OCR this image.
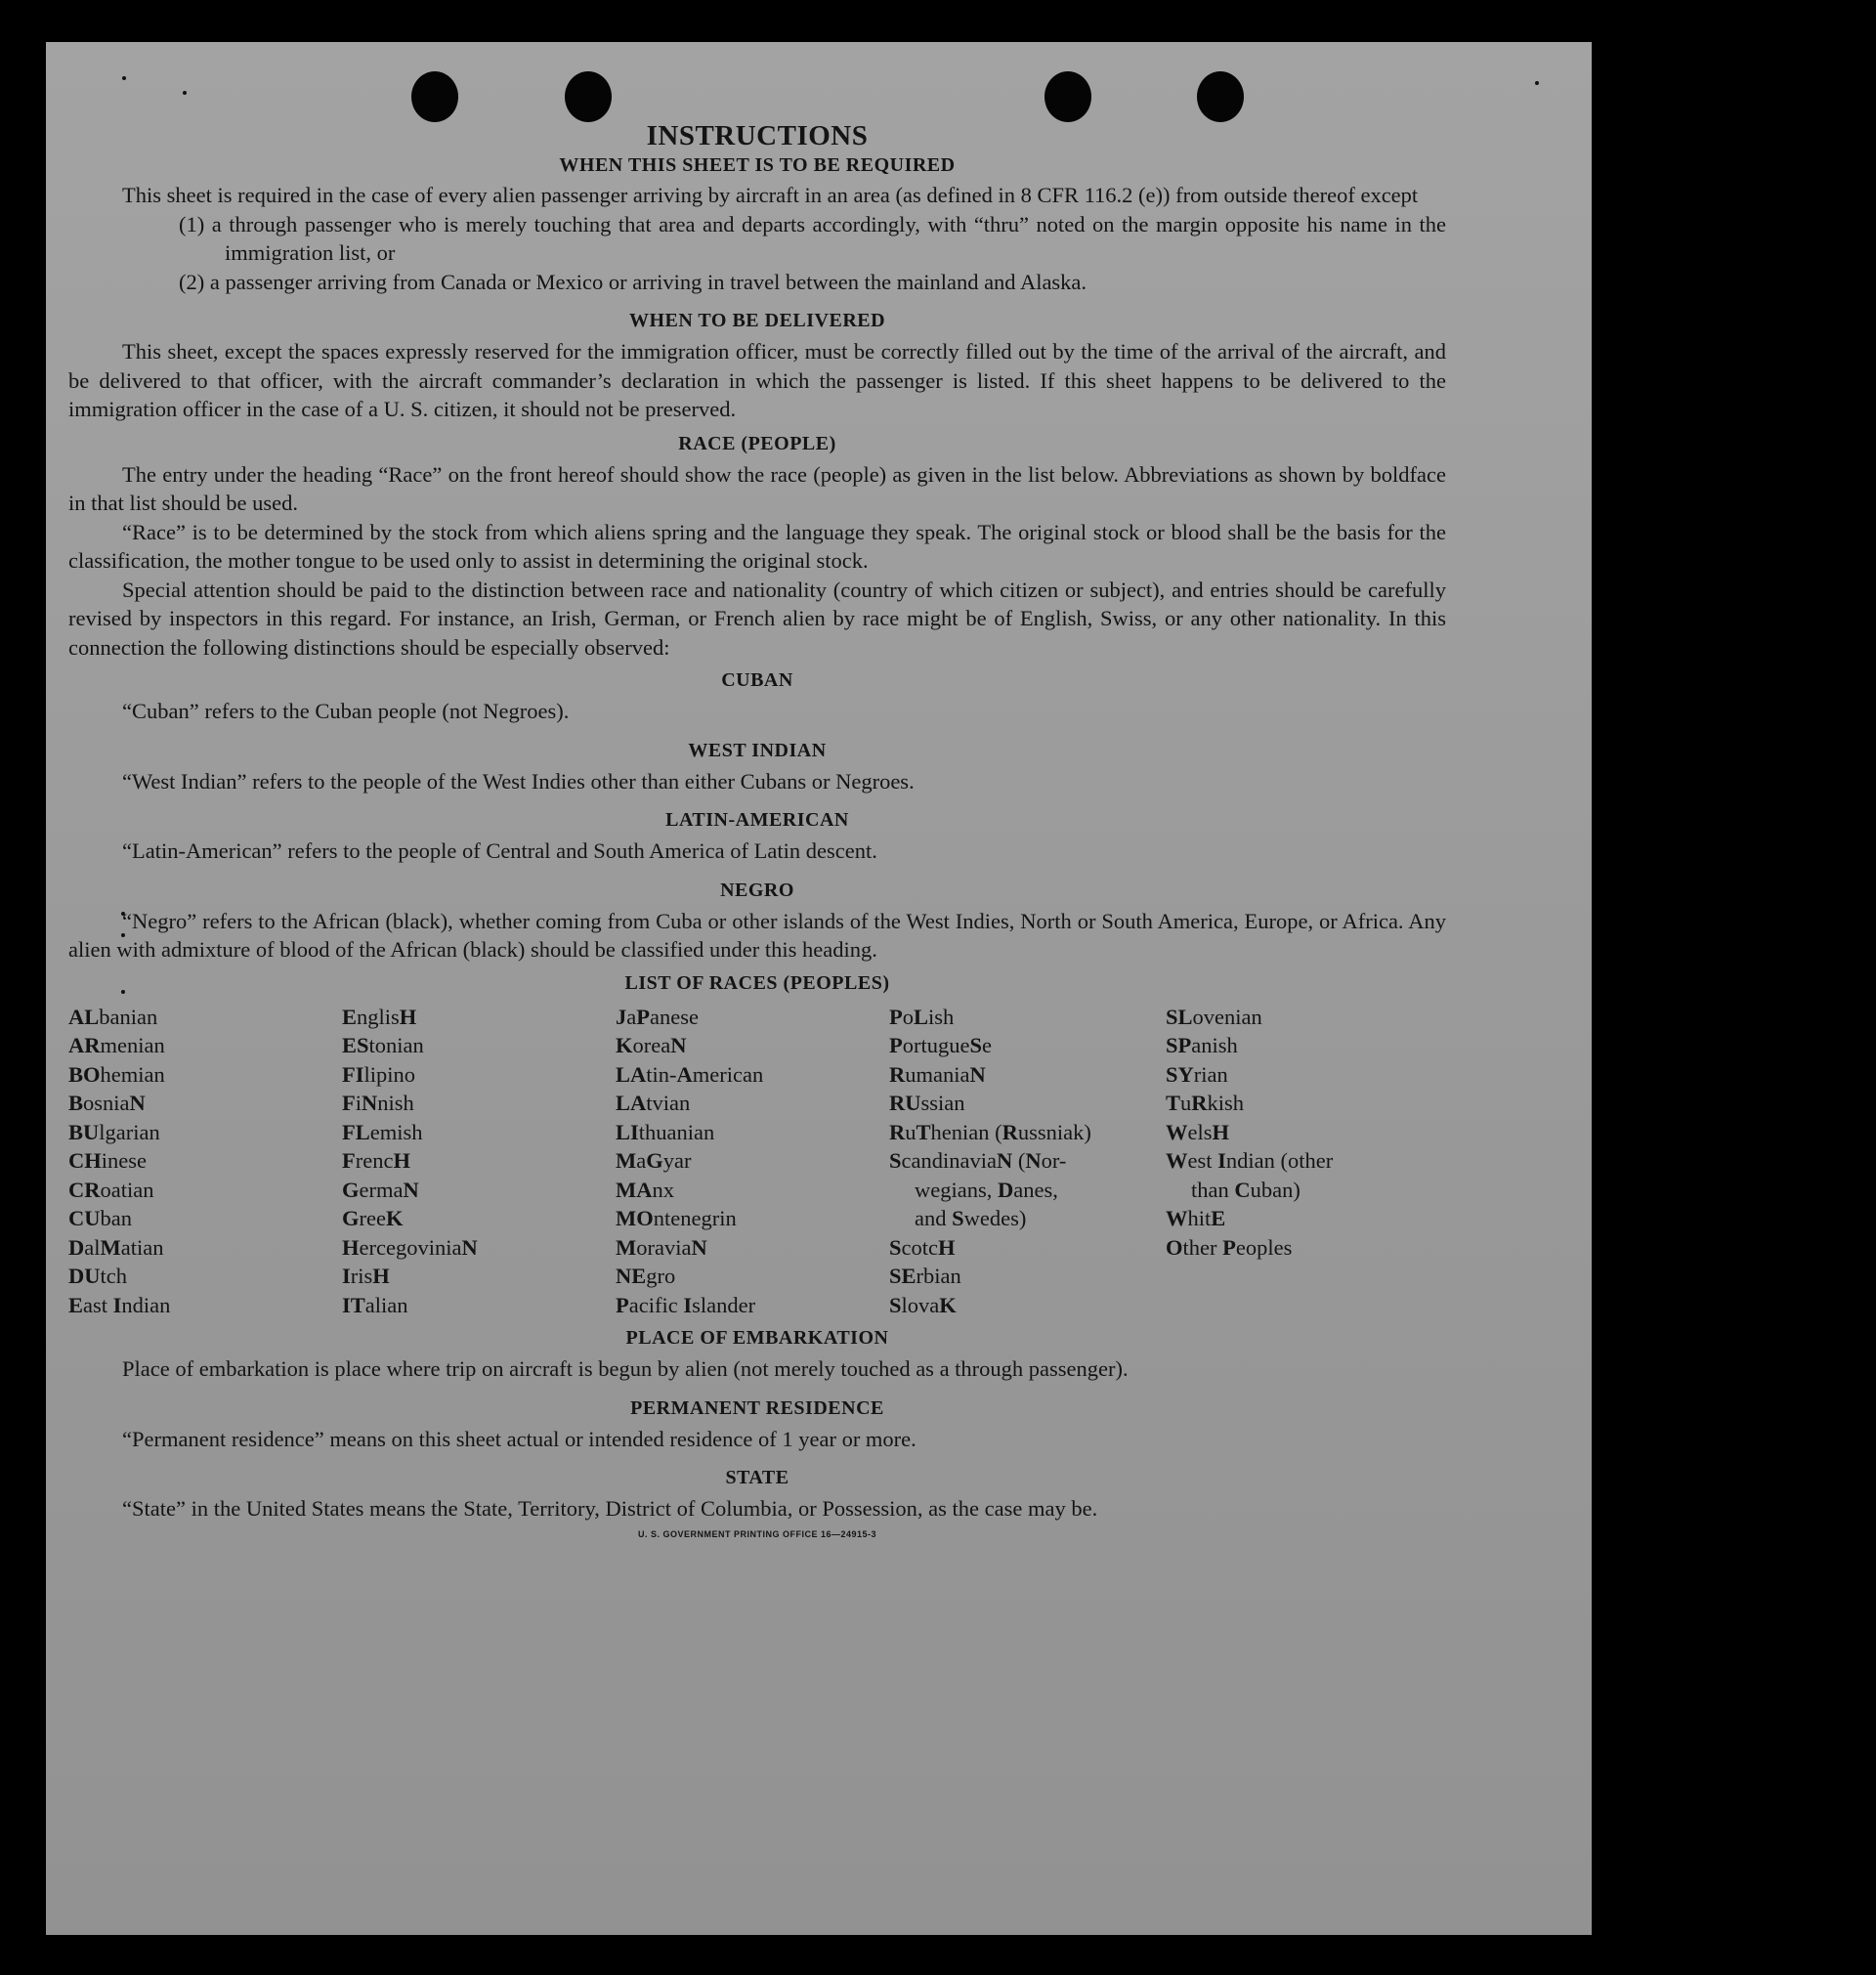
INSTRUCTIONS
WHEN THIS SHEET IS TO BE REQUIRED

This sheet is required in the case of every alien passenger arriving by aircraft in an area (as defined in 8 CFR 116.2 (e)) from outside thereof except

(1) a through passenger who is merely touching that area and departs accordingly, with “thru” noted on the margin opposite his name in the immigration list, or
(2) a passenger arriving from Canada or Mexico or arriving in travel between the mainland and Alaska.
WHEN TO BE DELIVERED

This sheet, except the spaces expressly reserved for the immigration officer, must be correctly filled out by the time of the arrival of the aircraft, and be delivered to that officer, with the aircraft commander’s declaration in which the passenger is listed. If this sheet happens to be delivered to the immigration officer in the case of a U. S. citizen, it should not be preserved.

RACE (PEOPLE)

The entry under the heading “Race” on the front hereof should show the race (people) as given in the list below. Abbreviations as shown by boldface in that list should be used.

“Race” is to be determined by the stock from which aliens spring and the language they speak. The original stock or blood shall be the basis for the classification, the mother tongue to be used only to assist in determining the original stock.

Special attention should be paid to the distinction between race and nationality (country of which citizen or subject), and entries should be carefully revised by inspectors in this regard. For instance, an Irish, German, or French alien by race might be of English, Swiss, or any other nationality. In this connection the following distinctions should be especially observed:

CUBAN

“Cuban” refers to the Cuban people (not Negroes).

WEST INDIAN

“West Indian” refers to the people of the West Indies other than either Cubans or Negroes.

LATIN-AMERICAN

“Latin-American” refers to the people of Central and South America of Latin descent.

NEGRO

“Negro” refers to the African (black), whether coming from Cuba or other islands of the West Indies, North or South America, Europe, or Africa. Any alien with admixture of blood of the African (black) should be classified under this heading.

LIST OF RACES (PEOPLES)
ALbanian
ARmenian
BOhemian
BosniaN
BUlgarian
CHinese
CRoatian
CUban
DalMatian
DUtch
East Indian
EnglisH
EStonian
FIlipino
FiNnish
FLemish
FrencH
GermaN
GreeK
HercegoviniaN
IrisH
ITalian
JaPanese
KoreaN
LAtin-American
LAtvian
LIthuanian
MaGyar
MAnx
MOntenegrin
MoraviaN
NEgro
Pacific Islander
PoLish
PortugueSe
RumaniaN
RUssian
RuThenian (Russniak)
ScandinaviaN (Nor-
wegians, Danes,
and Swedes)
ScotcH
SErbian
SlovaK
SLovenian
SPanish
SYrian
TuRkish
WelsH
West Indian (other
than Cuban)
WhitE
Other Peoples
PLACE OF EMBARKATION

Place of embarkation is place where trip on aircraft is begun by alien (not merely touched as a through passenger).

PERMANENT RESIDENCE

“Permanent residence” means on this sheet actual or intended residence of 1 year or more.

STATE

“State” in the United States means the State, Territory, District of Columbia, or Possession, as the case may be.

U. S. GOVERNMENT PRINTING OFFICE 16—24915-3
